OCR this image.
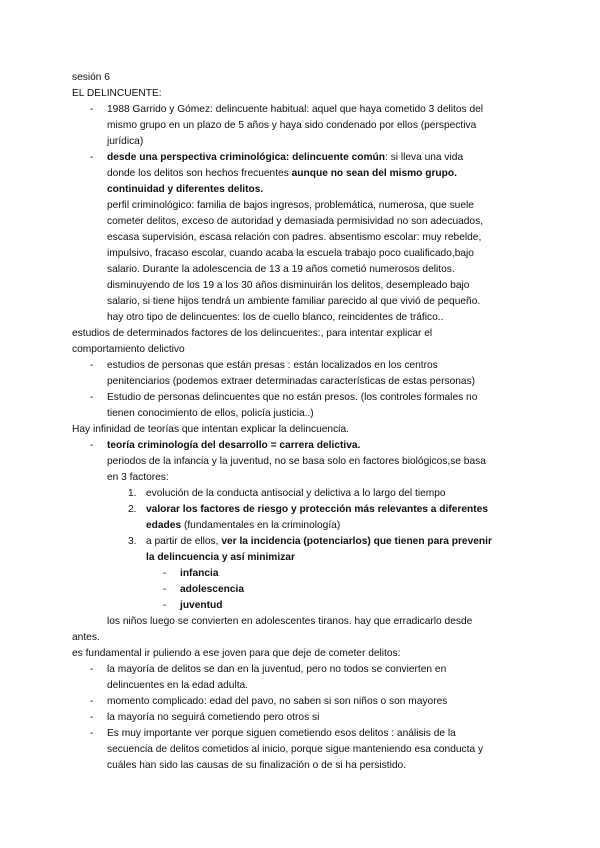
sesión 6
EL DELINCUENTE:
- 1988 Garrido y Gómez: delincuente habitual: aquel que haya cometido 3 delitos del
mismo grupo en un plazo de 5 años y haya sido condenado por ellos (perspectiva
jurídica)
- desde una perspectiva criminológica: delincuente común: si lleva una vida
donde los delitos son hechos frecuentes aunque no sean del mismo grupo.
continuidad y diferentes delitos.
perfil criminológico: familia de bajos ingresos, problemática, numerosa, que suele
cometer delitos, exceso de autoridad y demasiada permisividad no son adecuados,
escasa supervisión, escasa relación con padres. absentismo escolar: muy rebelde,
impulsivo, fracaso escolar, cuando acaba la escuela trabajo poco cualificado,bajo
salario. Durante la adolescencia de 13 a 19 años cometió numerosos delitos.
disminuyendo de los 19 a los 30 años disminuirán los delitos, desempleado bajo
salario, si tiene hijos tendrá un ambiente familiar parecido al que vivió de pequeño.
hay otro tipo de delincuentes: los de cuello blanco, reincidentes de tráfico..
estudios de determinados factores de los delincuentes:, para intentar explicar el
comportamiento delictivo
- estudios de personas que están presas : están localizados en los centros
penitenciarios (podemos extraer determinadas características de estas personas)
- Estudio de personas delincuentes que no están presos. (los controles formales no
tienen conocimiento de ellos, policía justicia..)
Hay infinidad de teorías que intentan explicar la delincuencia.
- teoría criminología del desarrollo = carrera delictiva.
periodos de la infancia y la juventud, no se basa solo en factores biológicos,se basa
en 3 factores:
1. evolución de la conducta antisocial y delictiva a lo largo del tiempo
2. valorar los factores de riesgo y protección más relevantes a diferentes
edades (fundamentales en la criminología)
3. a partir de ellos, ver la incidencia (potenciarlos) que tienen para prevenir
la delincuencia y así minimizar
- infancia
- adolescencia
- juventud
los niños luego se convierten en adolescentes tiranos. hay que erradicarlo desde
antes.
es fundamental ir puliendo a ese joven para que deje de cometer delitos:
- la mayoría de delitos se dan en la juventud, pero no todos se convierten en
delincuentes en la edad adulta.
- momento complicado: edad del pavo, no saben si son niños o son mayores
- la mayoría no seguirá cometiendo pero otros si
- Es muy importante ver porque siguen cometiendo esos delitos : análisis de la
secuencia de delitos cometidos al inicio, porque sigue manteniendo esa conducta y
cuáles han sido las causas de su finalización o de si ha persistido.
